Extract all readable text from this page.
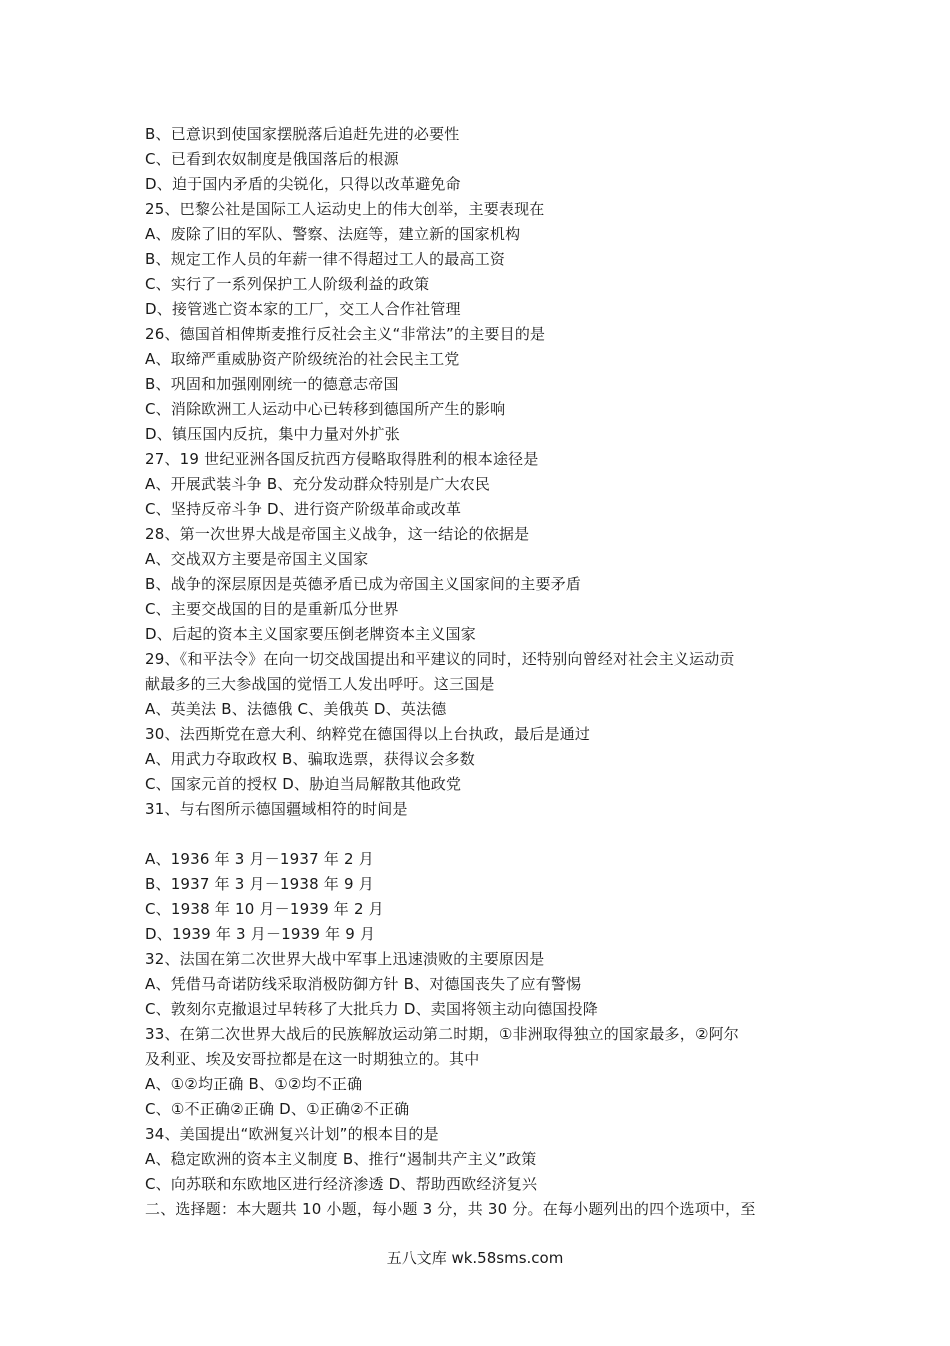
B、已意识到使国家摆脱落后追赶先进的必要性
C、已看到农奴制度是俄国落后的根源
D、迫于国内矛盾的尖锐化，只得以改革避免命
25、巴黎公社是国际工人运动史上的伟大创举，主要表现在
A、废除了旧的军队、警察、法庭等，建立新的国家机构
B、规定工作人员的年薪一律不得超过工人的最高工资
C、实行了一系列保护工人阶级利益的政策
D、接管逃亡资本家的工厂，交工人合作社管理
26、德国首相俾斯麦推行反社会主义“非常法”的主要目的是
A、取缔严重威胁资产阶级统治的社会民主工党
B、巩固和加强刚刚统一的德意志帝国
C、消除欧洲工人运动中心已转移到德国所产生的影响
D、镇压国内反抗，集中力量对外扩张
27、19 世纪亚洲各国反抗西方侵略取得胜利的根本途径是
A、开展武装斗争 B、充分发动群众特别是广大农民
C、坚持反帝斗争 D、进行资产阶级革命或改革
28、第一次世界大战是帝国主义战争，这一结论的依据是
A、交战双方主要是帝国主义国家
B、战争的深层原因是英德矛盾已成为帝国主义国家间的主要矛盾
C、主要交战国的目的是重新瓜分世界
D、后起的资本主义国家要压倒老牌资本主义国家
29、《和平法令》在向一切交战国提出和平建议的同时，还特别向曾经对社会主义运动贡
献最多的三大参战国的觉悟工人发出呼吁。这三国是
A、英美法 B、法德俄 C、美俄英 D、英法德
30、法西斯党在意大利、纳粹党在德国得以上台执政，最后是通过
A、用武力夺取政权 B、骗取选票，获得议会多数
C、国家元首的授权 D、胁迫当局解散其他政党
31、与右图所示德国疆域相符的时间是
A、1936 年 3 月－1937 年 2 月
B、1937 年 3 月－1938 年 9 月
C、1938 年 10 月－1939 年 2 月
D、1939 年 3 月－1939 年 9 月
32、法国在第二次世界大战中军事上迅速溃败的主要原因是
A、凭借马奇诺防线采取消极防御方针 B、对德国丧失了应有警惕
C、敦刻尔克撤退过早转移了大批兵力 D、卖国将领主动向德国投降
33、在第二次世界大战后的民族解放运动第二时期，①非洲取得独立的国家最多，②阿尔
及利亚、埃及安哥拉都是在这一时期独立的。其中
A、①②均正确 B、①②均不正确
C、①不正确②正确 D、①正确②不正确
34、美国提出“欧洲复兴计划”的根本目的是
A、稳定欧洲的资本主义制度 B、推行“遏制共产主义”政策
C、向苏联和东欧地区进行经济渗透 D、帮助西欧经济复兴
二、选择题：本大题共 10 小题，每小题 3 分，共 30 分。在每小题列出的四个选项中，至
五八文库 wk.58sms.com
